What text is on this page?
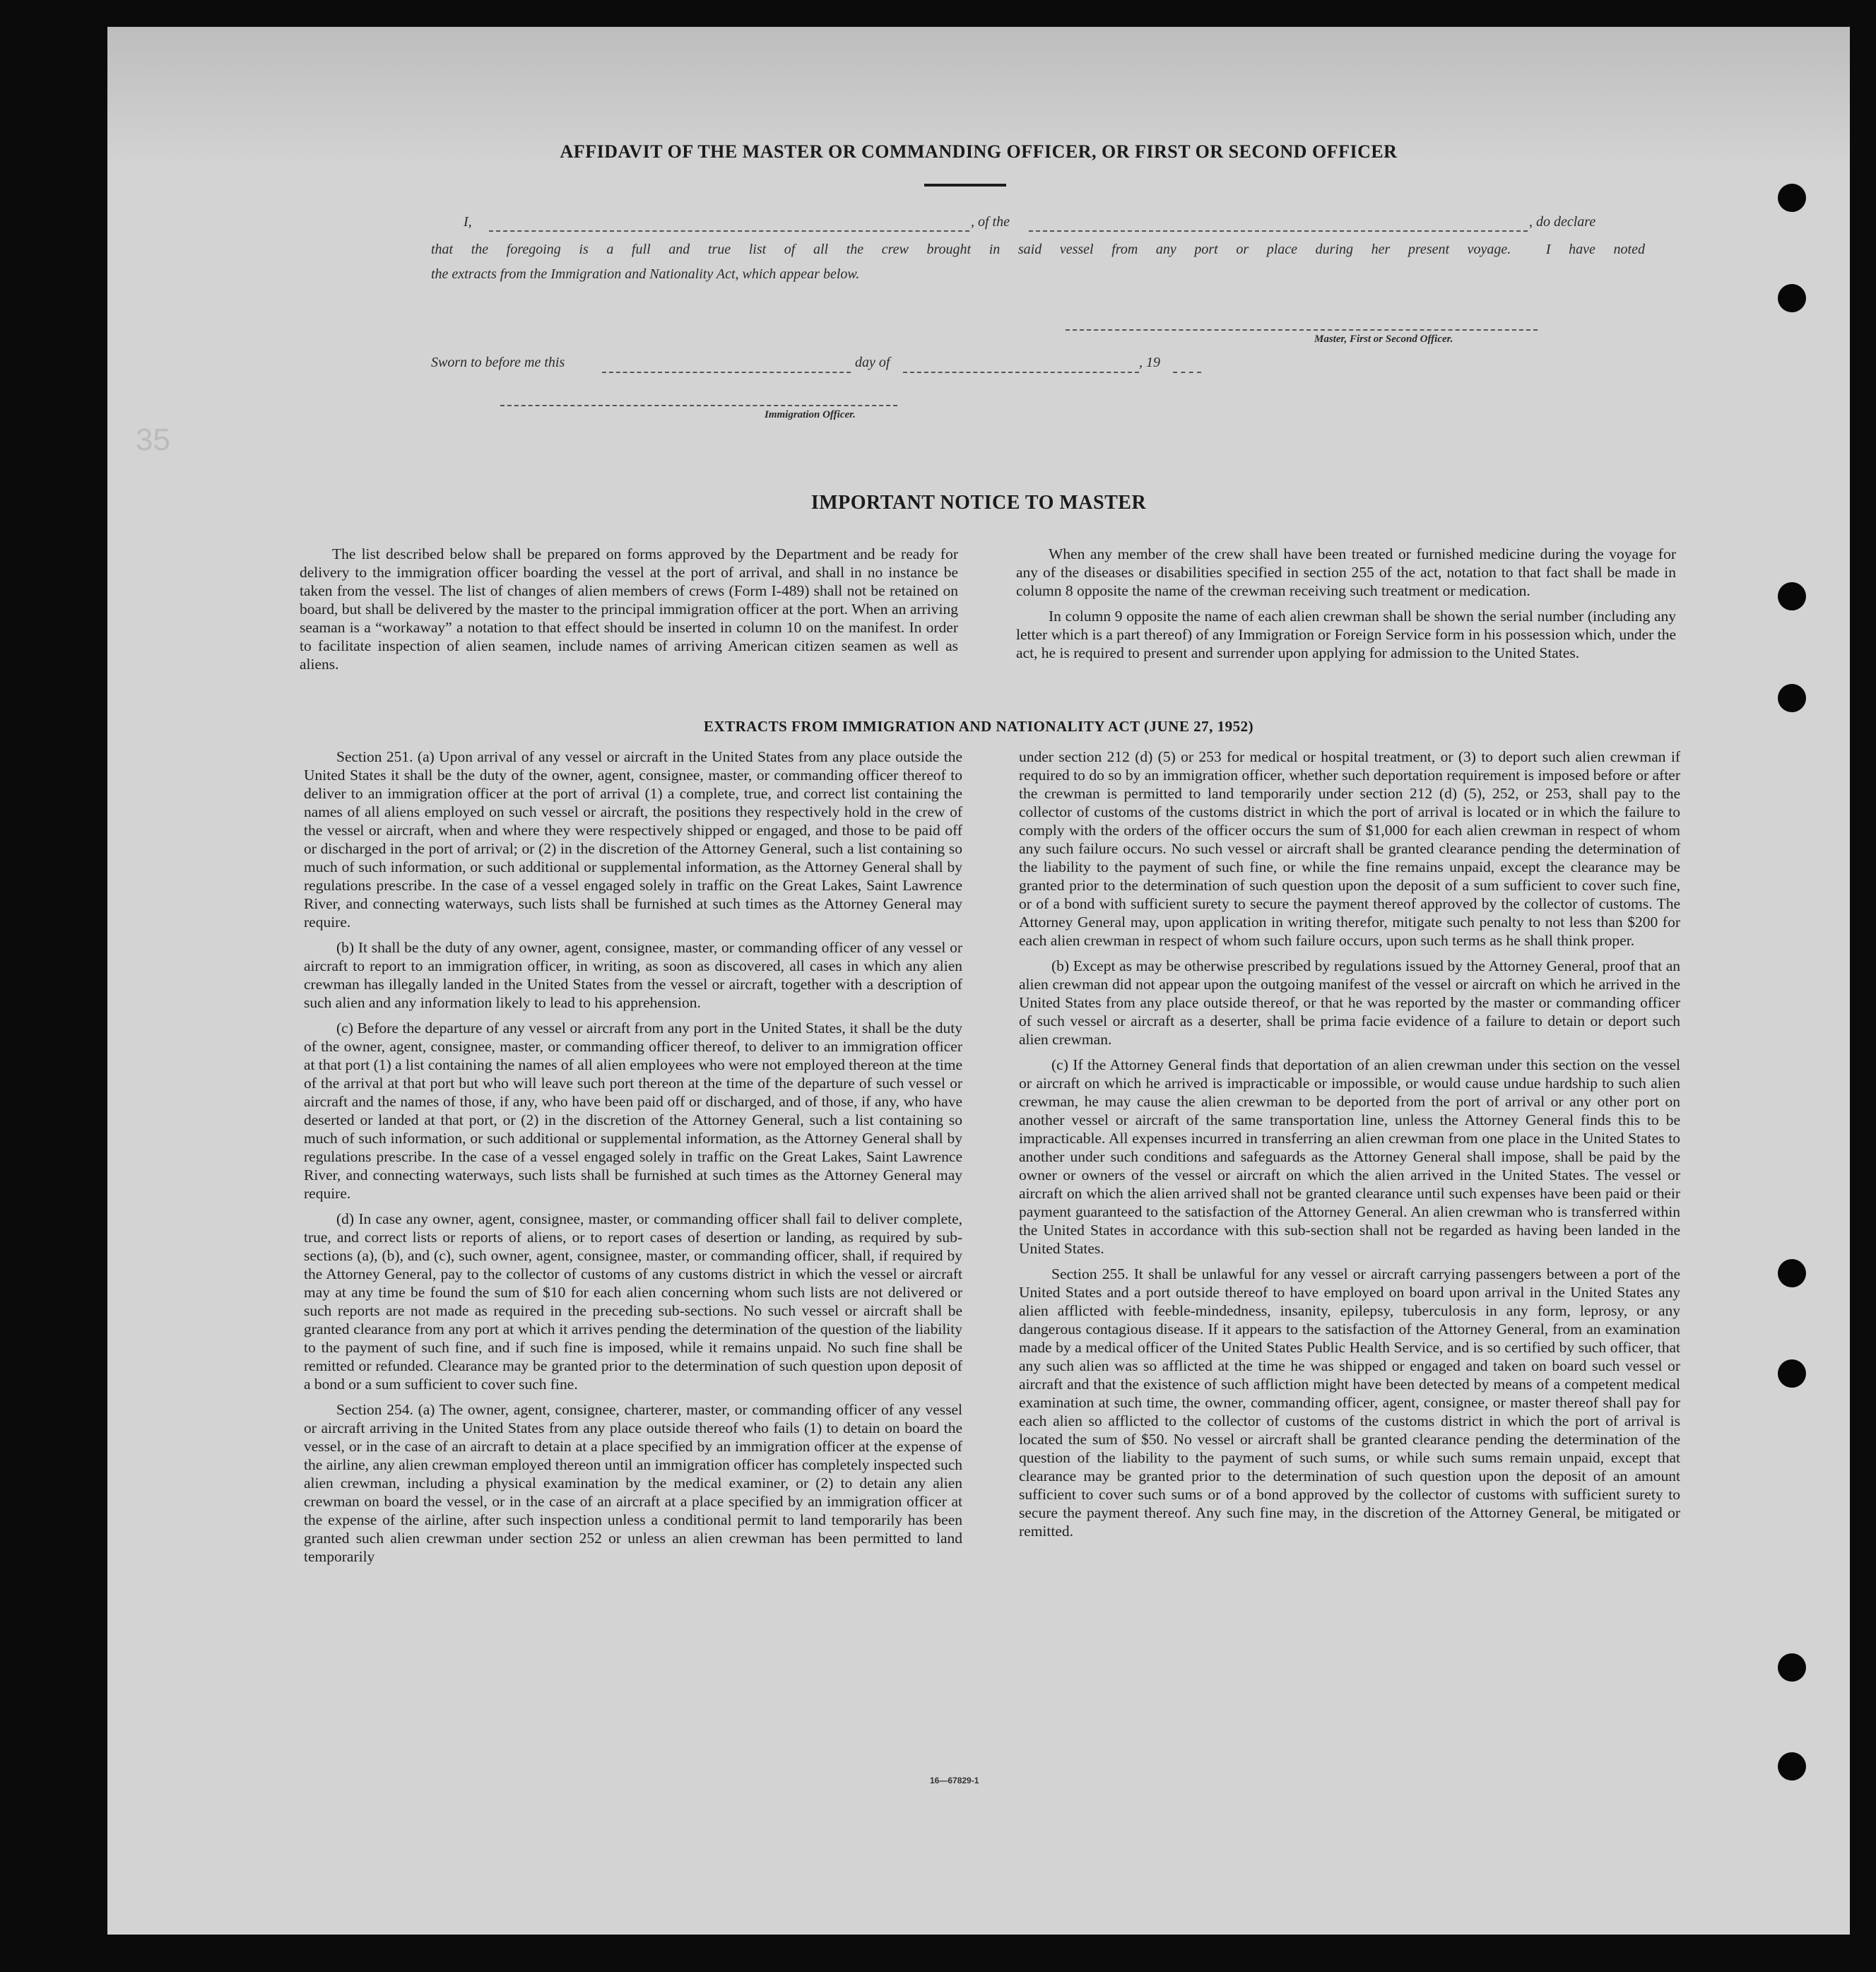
35
AFFIDAVIT OF THE MASTER OR COMMANDING OFFICER, OR FIRST OR SECOND OFFICER
I,	, of the	, do declare
that the foregoing is a full and true list of all the crew brought in said vessel from any port or place during her present voyage. I have noted
the extracts from the Immigration and Nationality Act, which appear below.
Master, First or Second Officer.
Sworn to before me this	day of	, 19
Immigration Officer.
IMPORTANT NOTICE TO MASTER

The list described below shall be prepared on forms approved by the Department and be ready for delivery to the immigration officer boarding the vessel at the port of arrival, and shall in no instance be taken from the vessel. The list of changes of alien members of crews (Form I-489) shall not be retained on board, but shall be delivered by the master to the principal immigration officer at the port. When an arriving seaman is a “workaway” a notation to that effect should be inserted in column 10 on the manifest. In order to facilitate inspection of alien seamen, include names of arriving American citizen seamen as well as aliens.

When any member of the crew shall have been treated or furnished medicine during the voyage for any of the diseases or disabilities specified in section 255 of the act, notation to that fact shall be made in column 8 opposite the name of the crewman receiving such treatment or medication.

In column 9 opposite the name of each alien crewman shall be shown the serial number (including any letter which is a part thereof) of any Immigration or Foreign Service form in his possession which, under the act, he is required to present and surrender upon applying for admission to the United States.

EXTRACTS FROM IMMIGRATION AND NATIONALITY ACT (JUNE 27, 1952)

Section 251. (a) Upon arrival of any vessel or aircraft in the United States from any place outside the United States it shall be the duty of the owner, agent, consignee, master, or commanding officer thereof to deliver to an immigration officer at the port of arrival (1) a complete, true, and correct list containing the names of all aliens employed on such vessel or aircraft, the positions they respectively hold in the crew of the vessel or aircraft, when and where they were respectively shipped or engaged, and those to be paid off or discharged in the port of arrival; or (2) in the discretion of the Attorney General, such a list containing so much of such information, or such additional or supplemental information, as the Attorney General shall by regulations prescribe. In the case of a vessel engaged solely in traffic on the Great Lakes, Saint Lawrence River, and connecting waterways, such lists shall be furnished at such times as the Attorney General may require.

(b) It shall be the duty of any owner, agent, consignee, master, or commanding officer of any vessel or aircraft to report to an immigration officer, in writing, as soon as discovered, all cases in which any alien crewman has illegally landed in the United States from the vessel or aircraft, together with a description of such alien and any information likely to lead to his apprehension.

(c) Before the departure of any vessel or aircraft from any port in the United States, it shall be the duty of the owner, agent, consignee, master, or commanding officer thereof, to deliver to an immigration officer at that port (1) a list containing the names of all alien employees who were not employed thereon at the time of the arrival at that port but who will leave such port thereon at the time of the departure of such vessel or aircraft and the names of those, if any, who have been paid off or discharged, and of those, if any, who have deserted or landed at that port, or (2) in the discretion of the Attorney General, such a list containing so much of such information, or such additional or supplemental information, as the Attorney General shall by regulations prescribe. In the case of a vessel engaged solely in traffic on the Great Lakes, Saint Lawrence River, and connecting waterways, such lists shall be furnished at such times as the Attorney General may require.

(d) In case any owner, agent, consignee, master, or commanding officer shall fail to deliver complete, true, and correct lists or reports of aliens, or to report cases of desertion or landing, as required by sub-sections (a), (b), and (c), such owner, agent, consignee, master, or commanding officer, shall, if required by the Attorney General, pay to the collector of customs of any customs district in which the vessel or aircraft may at any time be found the sum of $10 for each alien concerning whom such lists are not delivered or such reports are not made as required in the preceding sub-sections. No such vessel or aircraft shall be granted clearance from any port at which it arrives pending the determination of the question of the liability to the payment of such fine, and if such fine is imposed, while it remains unpaid. No such fine shall be remitted or refunded. Clearance may be granted prior to the determination of such question upon deposit of a bond or a sum sufficient to cover such fine.

Section 254. (a) The owner, agent, consignee, charterer, master, or commanding officer of any vessel or aircraft arriving in the United States from any place outside thereof who fails (1) to detain on board the vessel, or in the case of an aircraft to detain at a place specified by an immigration officer at the expense of the airline, any alien crewman employed thereon until an immigration officer has completely inspected such alien crewman, including a physical examination by the medical examiner, or (2) to detain any alien crewman on board the vessel, or in the case of an aircraft at a place specified by an immigration officer at the expense of the airline, after such inspection unless a conditional permit to land temporarily has been granted such alien crewman under section 252 or unless an alien crewman has been permitted to land temporarily

under section 212 (d) (5) or 253 for medical or hospital treatment, or (3) to deport such alien crewman if required to do so by an immigration officer, whether such deportation requirement is imposed before or after the crewman is permitted to land temporarily under section 212 (d) (5), 252, or 253, shall pay to the collector of customs of the customs district in which the port of arrival is located or in which the failure to comply with the orders of the officer occurs the sum of $1,000 for each alien crewman in respect of whom any such failure occurs. No such vessel or aircraft shall be granted clearance pending the determination of the liability to the payment of such fine, or while the fine remains unpaid, except the clearance may be granted prior to the determination of such question upon the deposit of a sum sufficient to cover such fine, or of a bond with sufficient surety to secure the payment thereof approved by the collector of customs. The Attorney General may, upon application in writing therefor, mitigate such penalty to not less than $200 for each alien crewman in respect of whom such failure occurs, upon such terms as he shall think proper.

(b) Except as may be otherwise prescribed by regulations issued by the Attorney General, proof that an alien crewman did not appear upon the outgoing manifest of the vessel or aircraft on which he arrived in the United States from any place outside thereof, or that he was reported by the master or commanding officer of such vessel or aircraft as a deserter, shall be prima facie evidence of a failure to detain or deport such alien crewman.

(c) If the Attorney General finds that deportation of an alien crewman under this section on the vessel or aircraft on which he arrived is impracticable or impossible, or would cause undue hardship to such alien crewman, he may cause the alien crewman to be deported from the port of arrival or any other port on another vessel or aircraft of the same transportation line, unless the Attorney General finds this to be impracticable. All expenses incurred in transferring an alien crewman from one place in the United States to another under such conditions and safeguards as the Attorney General shall impose, shall be paid by the owner or owners of the vessel or aircraft on which the alien arrived in the United States. The vessel or aircraft on which the alien arrived shall not be granted clearance until such expenses have been paid or their payment guaranteed to the satisfaction of the Attorney General. An alien crewman who is transferred within the United States in accordance with this sub-section shall not be regarded as having been landed in the United States.

Section 255. It shall be unlawful for any vessel or aircraft carrying passengers between a port of the United States and a port outside thereof to have employed on board upon arrival in the United States any alien afflicted with feeble-mindedness, insanity, epilepsy, tuberculosis in any form, leprosy, or any dangerous contagious disease. If it appears to the satisfaction of the Attorney General, from an examination made by a medical officer of the United States Public Health Service, and is so certified by such officer, that any such alien was so afflicted at the time he was shipped or engaged and taken on board such vessel or aircraft and that the existence of such affliction might have been detected by means of a competent medical examination at such time, the owner, commanding officer, agent, consignee, or master thereof shall pay for each alien so afflicted to the collector of customs of the customs district in which the port of arrival is located the sum of $50. No vessel or aircraft shall be granted clearance pending the determination of the question of the liability to the payment of such sums, or while such sums remain unpaid, except that clearance may be granted prior to the determination of such question upon the deposit of an amount sufficient to cover such sums or of a bond approved by the collector of customs with sufficient surety to secure the payment thereof. Any such fine may, in the discretion of the Attorney General, be mitigated or remitted.

16—67829-1
